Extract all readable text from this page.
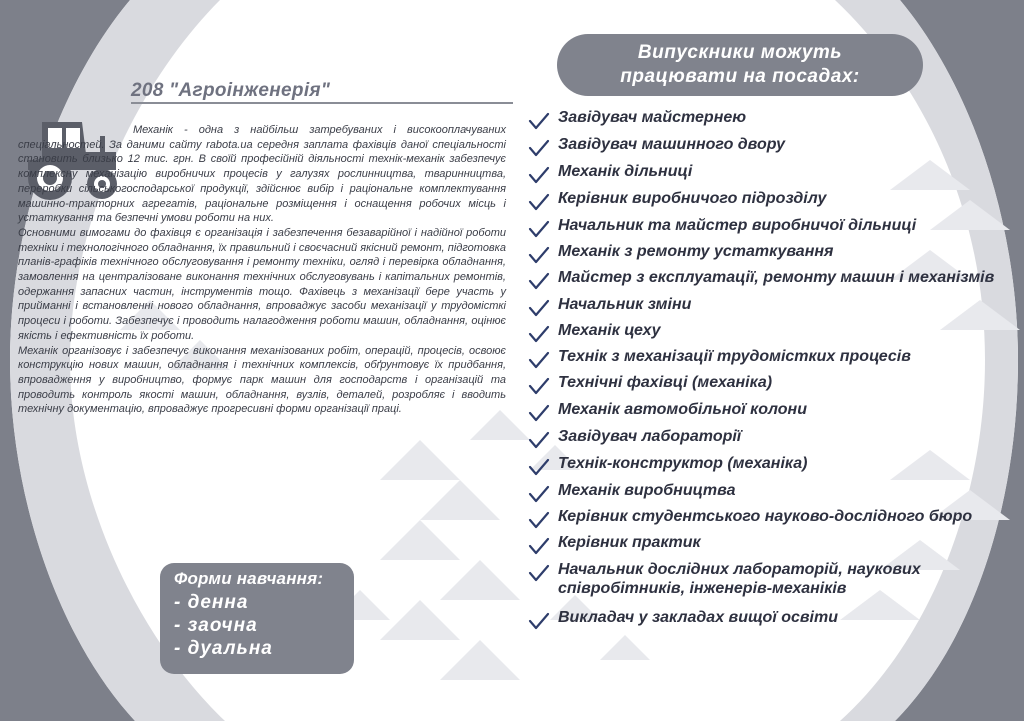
208 "Агроінженерія"

Механік - одна з найбільш затребуваних і високооплачуваних спеціальностей. За даними сайту rabota.ua середня заплата фахівців даної спеціальності становить близько 12 тис. грн. В своїй професійній діяльності технік-механік забезпечує комплексну механізацію виробничих процесів у галузях рослинництва, тваринництва, переробки сільськогосподарської продукції, здійснює вибір і раціональне комплектування машинно-тракторних агрегатів, раціональне розміщення і оснащення робочих місць і устаткування та безпечні умови роботи на них.

Основними вимогами до фахівця є організація і забезпечення безаварійної і надійної роботи техніки і технологічного обладнання, їх правильний і своєчасний якісний ремонт, підготовка планів-графіків технічного обслуговування і ремонту техніки, огляд і перевірка обладнання, замовлення на централізоване виконання технічних обслуговувань і капітальних ремонтів, одержання запасних частин, інструментів тощо. Фахівець з механізації бере участь у прийманні і встановленні нового обладнання, впроваджує засоби механізації у трудомісткі процеси і роботи. Забезпечує і проводить налагодження роботи машин, обладнання, оцінює якість і ефективність їх роботи.

Механік організовує і забезпечує виконання механізованих робіт, операцій, процесів, освоює конструкцію нових машин, обладнання і технічних комплексів, обґрунтовує їх придбання, впровадження у виробництво, формує парк машин для господарств і організацій та проводить контроль якості машин, обладнання, вузлів, деталей, розробляє і вводить технічну документацію, впроваджує прогресивні форми організації праці.

Форми навчання:
- денна
- заочна
- дуальна
Випускники можуть
працювати на посадах:
Завідувач майстернею
Завідувач машинного двору
Механік дільниці
Керівник виробничого підрозділу
Начальник та майстер виробничої дільниці
Механік з ремонту устаткування
Майстер з експлуатації, ремонту машин і механізмів
Начальник зміни
Механік цеху
Технік з механізації трудомістких процесів
Технічні фахівці (механіка)
Механік автомобільної колони
Завідувач лабораторії
Технік-конструктор (механіка)
Механік виробництва
Керівник студентського науково-дослідного бюро
Керівник практик
Начальник дослідних лабораторій, наукових співробітників, інженерів-механіків
Викладач у закладах вищої освіти
